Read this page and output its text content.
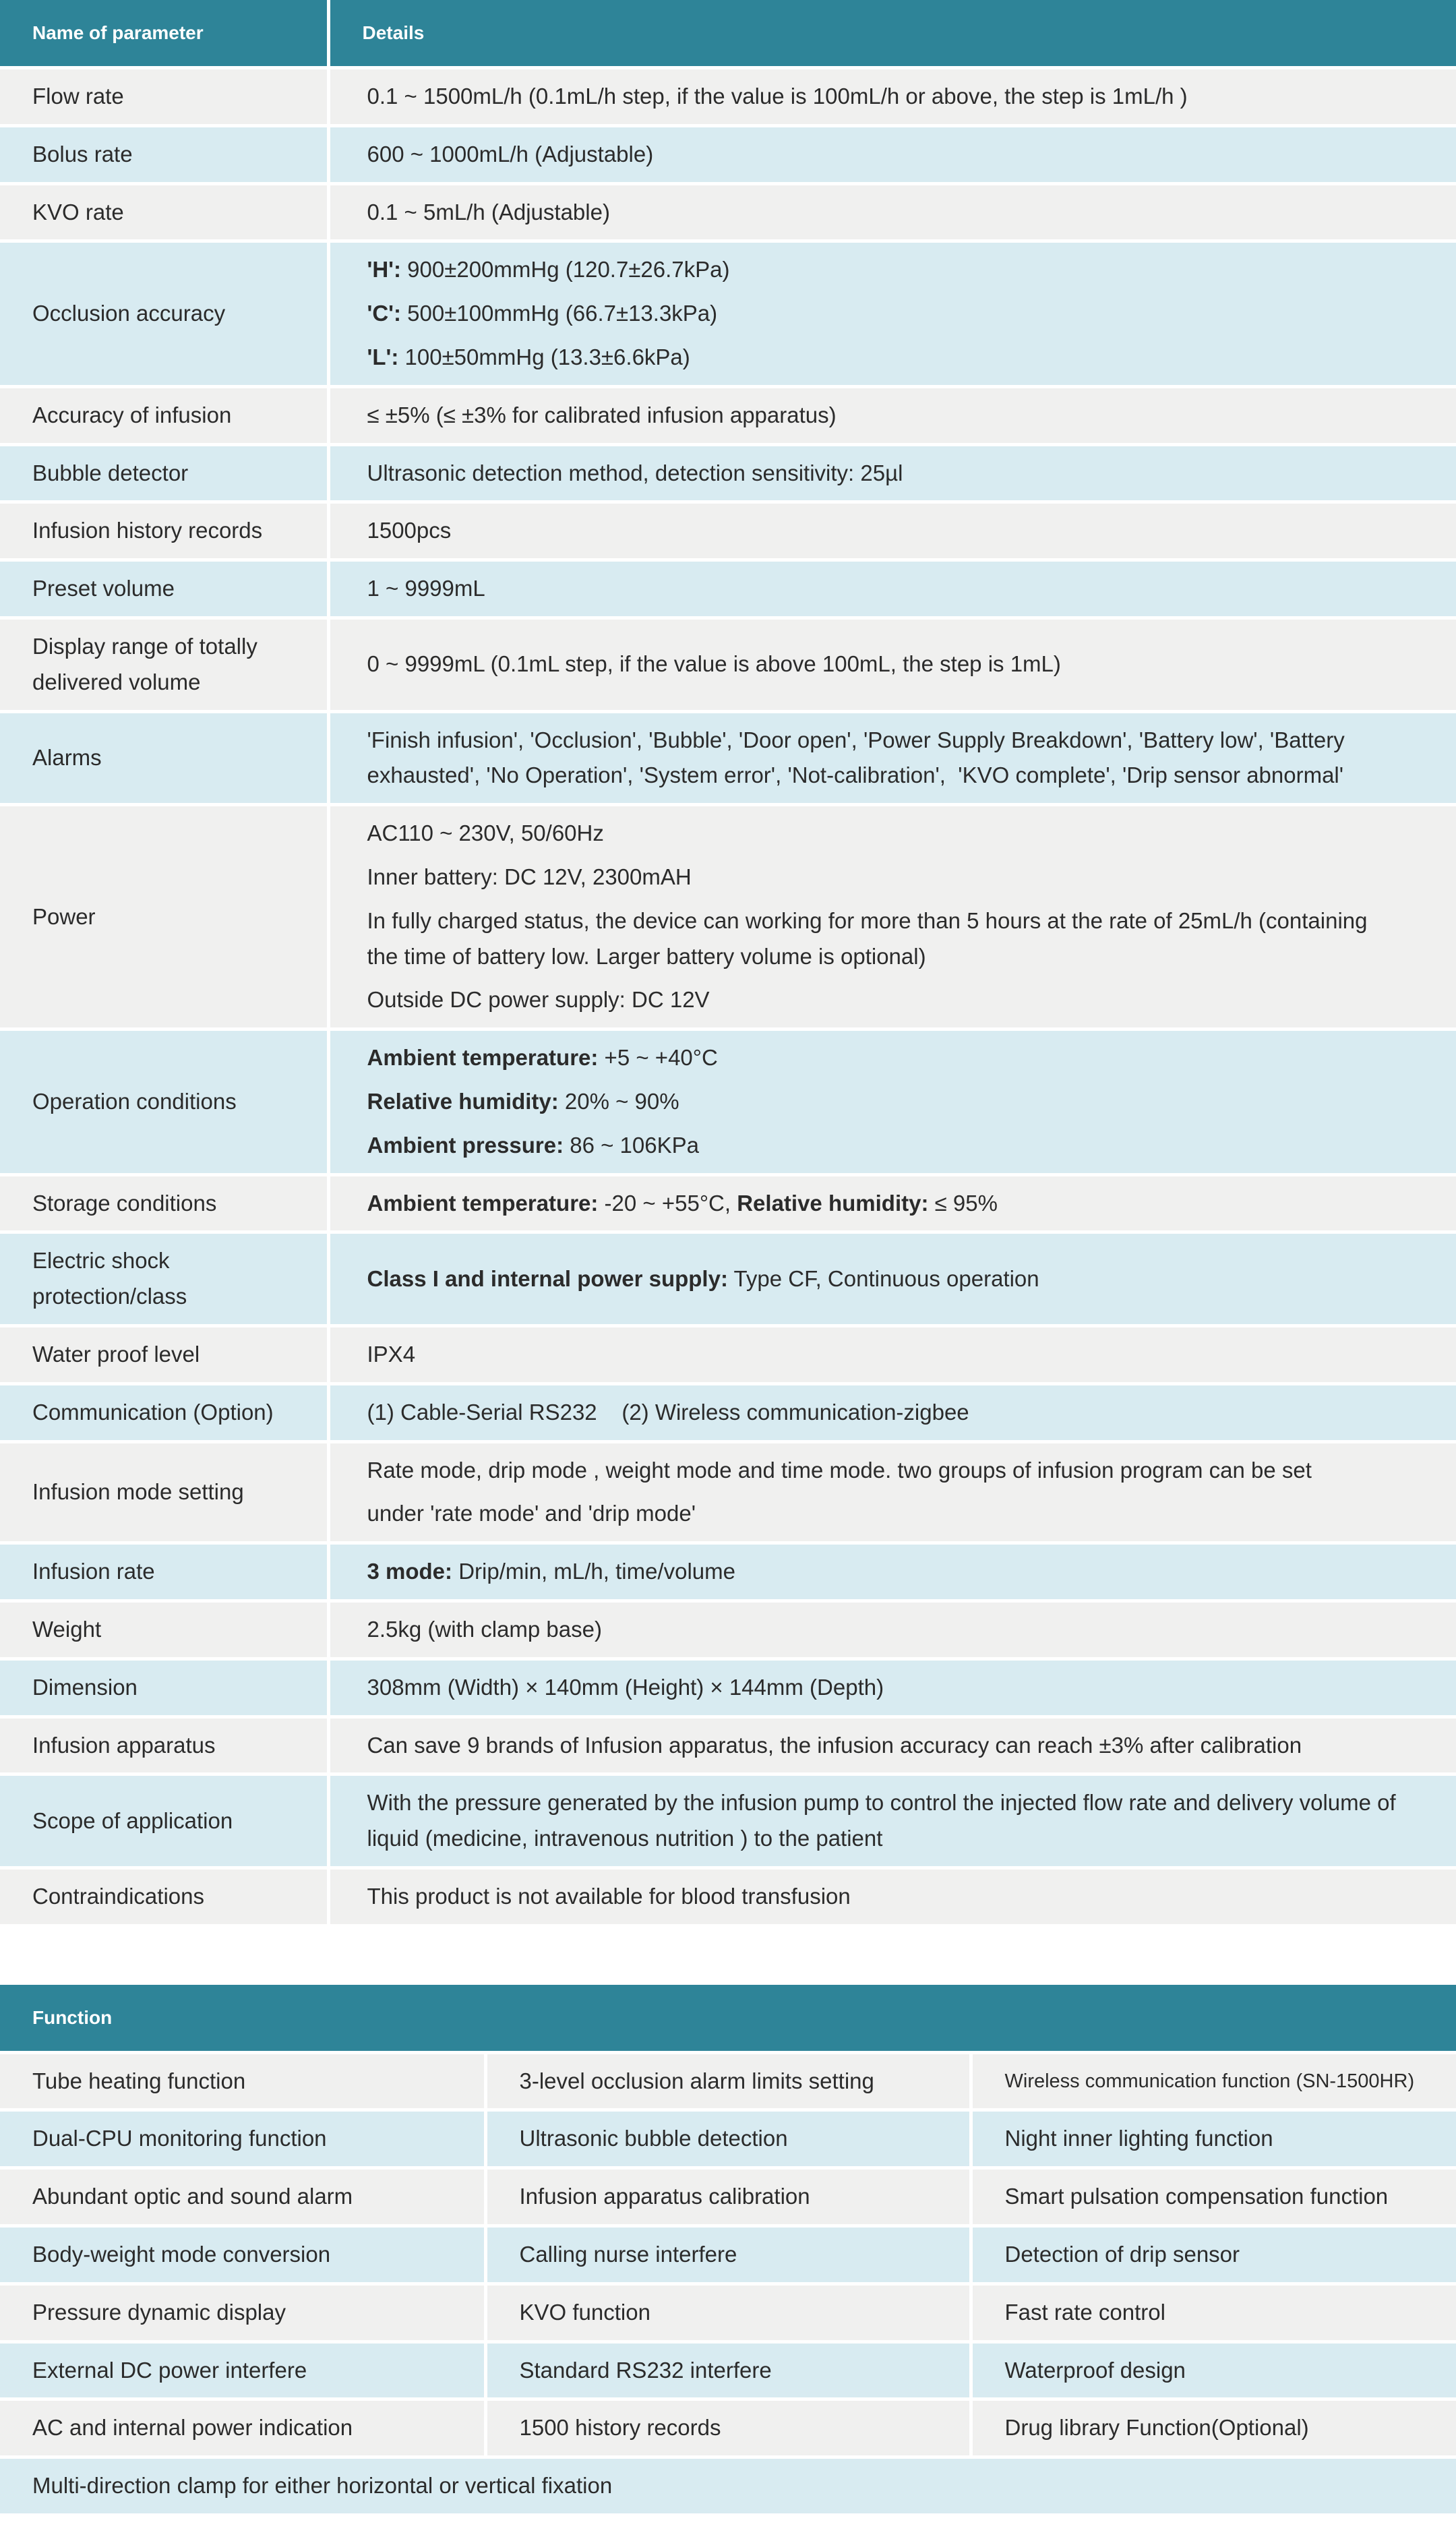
Name of parameter	Details
Flow rate	0.1 ~ 1500mL/h (0.1mL/h step, if the value is 100mL/h or above, the step is 1mL/h )

Bolus rate	600 ~ 1000mL/h (Adjustable)

KVO rate	0.1 ~ 5mL/h (Adjustable)

Occlusion accuracy	'H': 900±200mmHg (120.7±26.7kPa)
'C': 500±100mmHg (66.7±13.3kPa)
'L': 100±50mmHg (13.3±6.6kPa)

Accuracy of infusion	≤ ±5% (≤ ±3% for calibrated infusion apparatus)

Bubble detector	Ultrasonic detection method, detection sensitivity: 25µl

Infusion history records	1500pcs

Preset volume	1 ~ 9999mL

Display range of totally delivered volume	0 ~ 9999mL (0.1mL step, if the value is above 100mL, the step is 1mL)

Alarms	'Finish infusion', 'Occlusion', 'Bubble', 'Door open', 'Power Supply Breakdown', 'Battery low', 'Battery exhausted', 'No Operation', 'System error', 'Not-calibration',  'KVO complete', 'Drip sensor abnormal'

Power	AC110 ~ 230V, 50/60Hz
Inner battery: DC 12V, 2300mAH
In fully charged status, the device can working for more than 5 hours at the rate of 25mL/h (containing the time of battery low. Larger battery volume is optional)
Outside DC power supply: DC 12V

Operation conditions	Ambient temperature: +5 ~ +40°C
Relative humidity: 20% ~ 90%
Ambient pressure: 86 ~ 106KPa

Storage conditions	Ambient temperature: -20 ~ +55°C, Relative humidity: ≤ 95%

Electric shock protection/class	Class I and internal power supply: Type CF, Continuous operation

Water proof level	IPX4

Communication (Option)	(1) Cable-Serial RS232    (2) Wireless communication-zigbee

Infusion mode setting	Rate mode, drip mode , weight mode and time mode. two groups of infusion program can be set
under 'rate mode' and 'drip mode'

Infusion rate	3 mode: Drip/min, mL/h, time/volume

Weight	2.5kg (with clamp base)

Dimension	308mm (Width) × 140mm (Height) × 144mm (Depth)

Infusion apparatus	Can save 9 brands of Infusion apparatus, the infusion accuracy can reach ±3% after calibration

Scope of application	With the pressure generated by the infusion pump to control the injected flow rate and delivery volume of liquid (medicine, intravenous nutrition ) to the patient

Contraindications	This product is not available for blood transfusion
Function		
Tube heating function	3-level occlusion alarm limits setting	Wireless communication function (SN-1500HR)
Dual-CPU monitoring function	Ultrasonic bubble detection	Night inner lighting function
Abundant optic and sound alarm	Infusion apparatus calibration	Smart pulsation compensation function
Body-weight mode conversion	Calling nurse interfere	Detection of drip sensor
Pressure dynamic display	KVO function	Fast rate control
External DC power interfere	Standard RS232 interfere	Waterproof design
AC and internal power indication	1500 history records	Drug library Function(Optional)
Multi-direction clamp for either horizontal or vertical fixation		
